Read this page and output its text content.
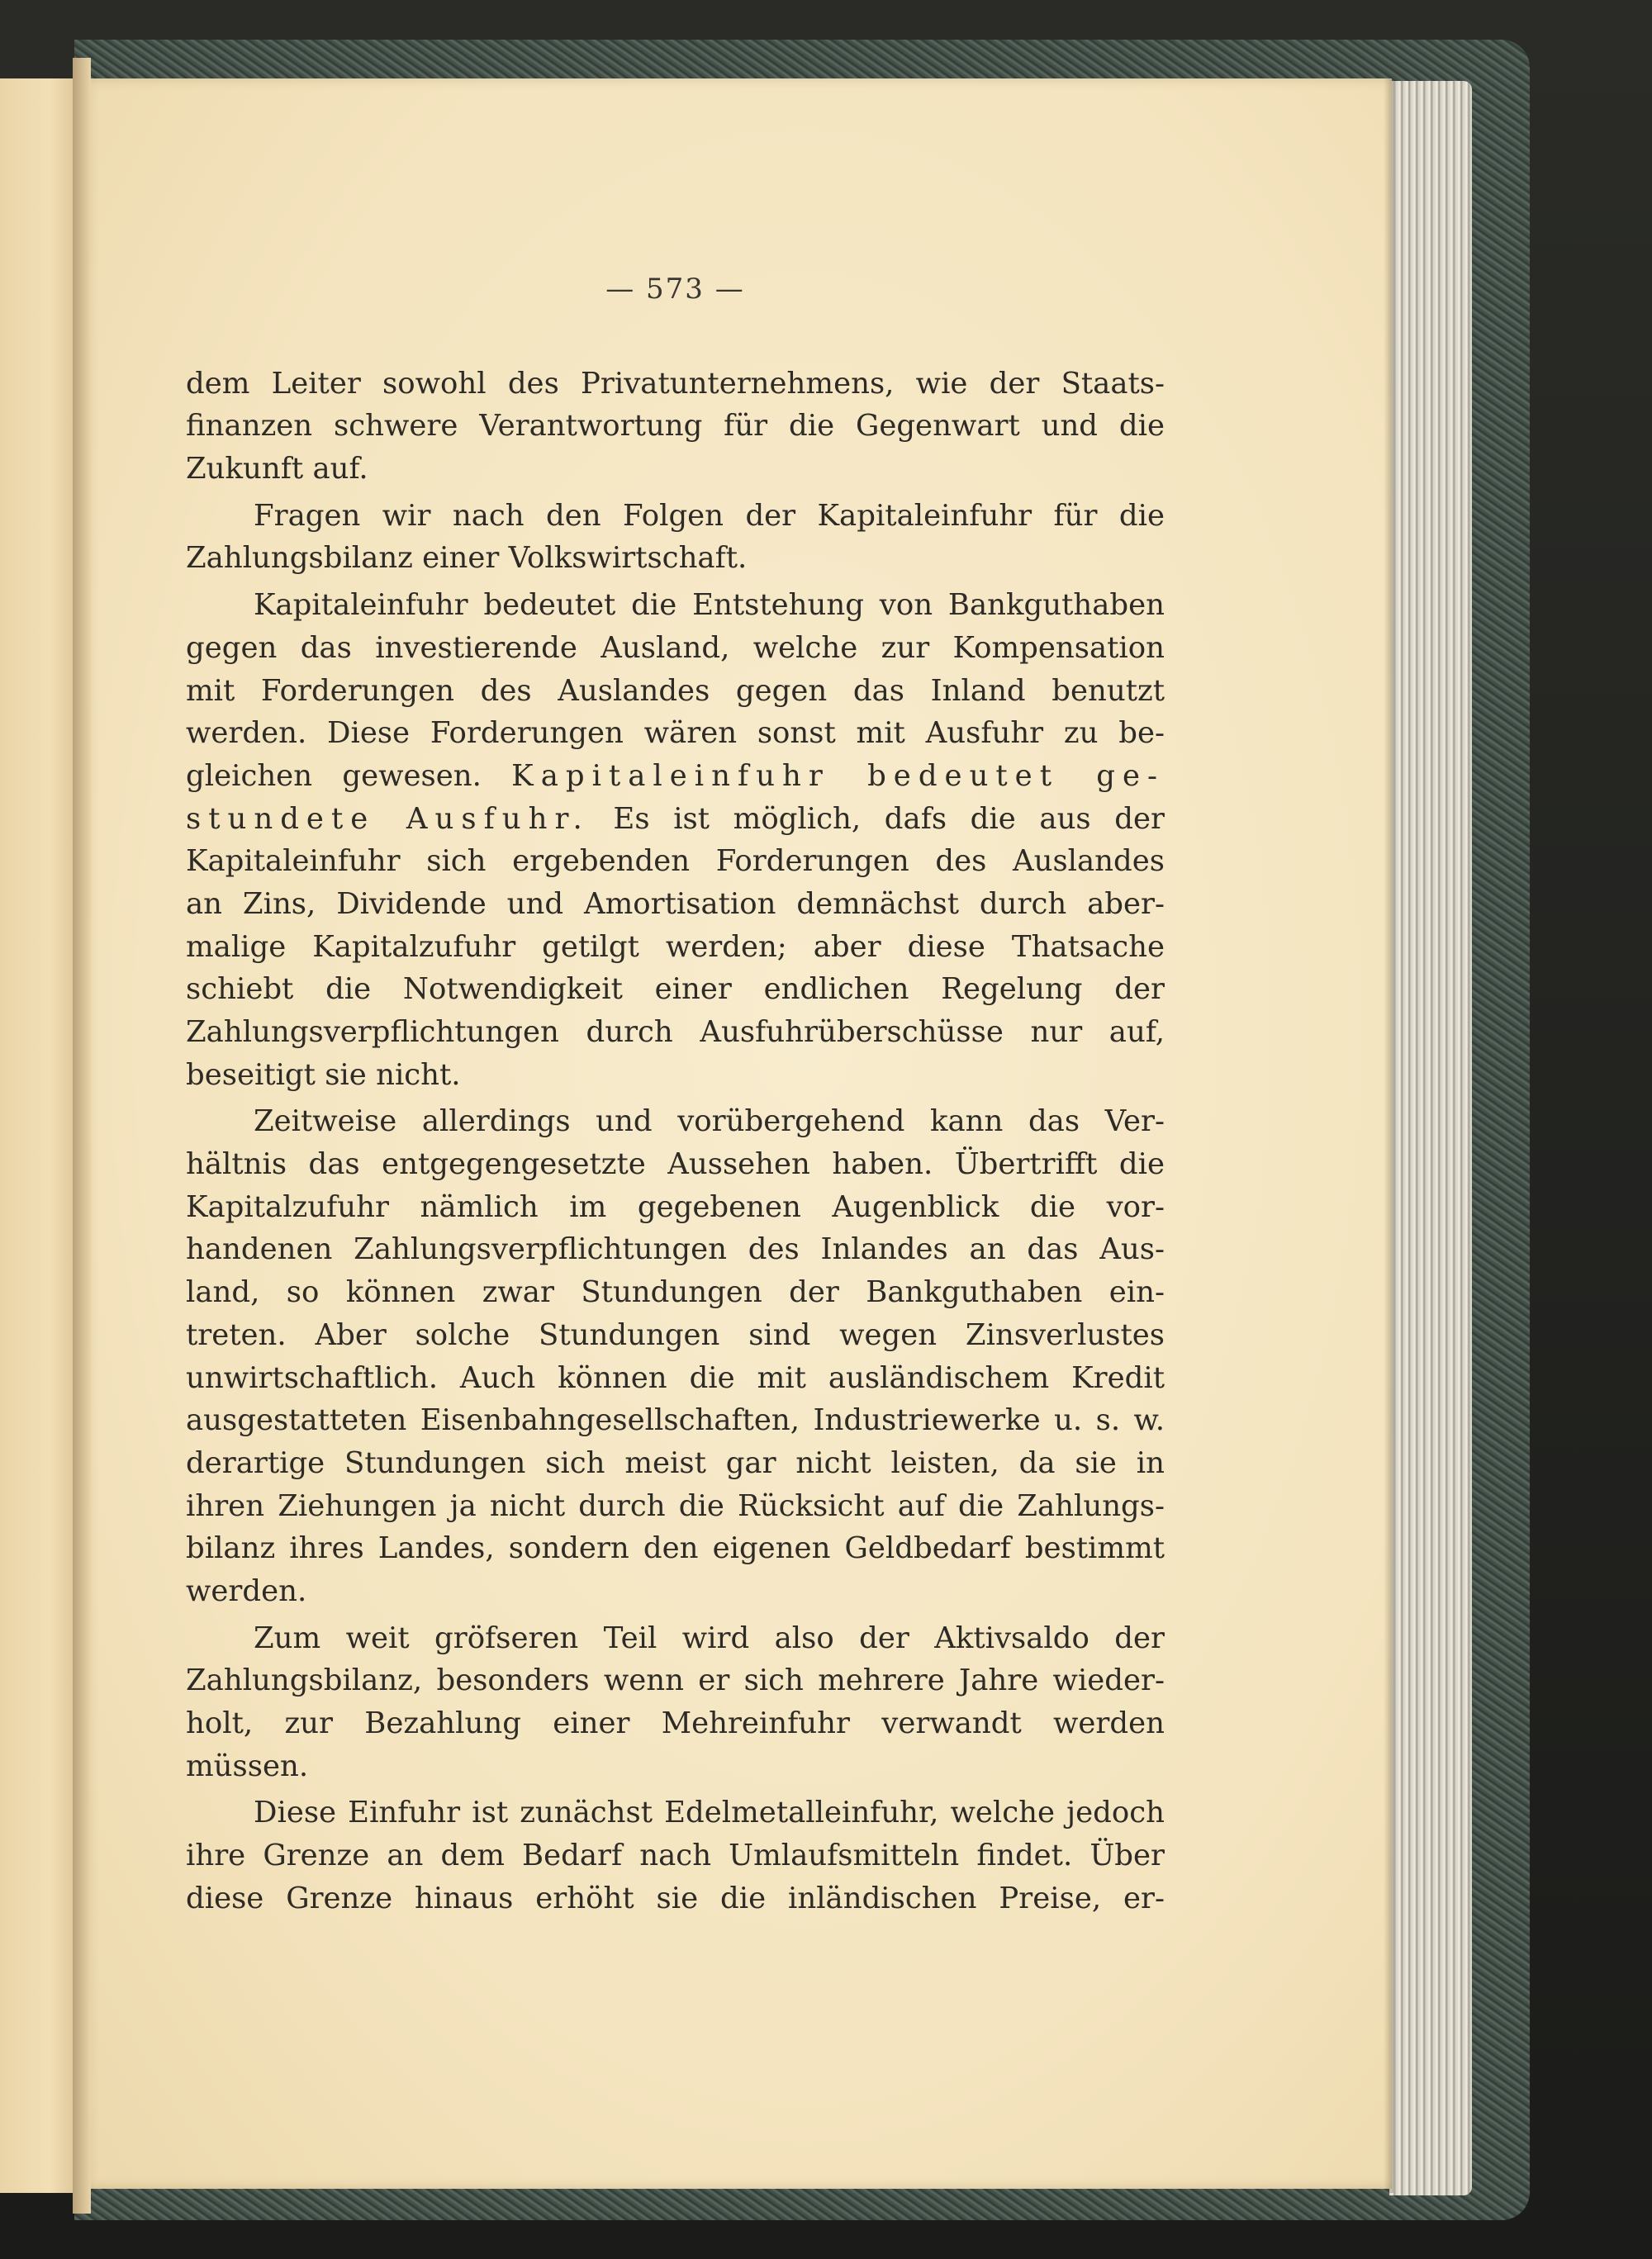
— 573 —
dem Leiter sowohl des Privatunternehmens, wie der Staats-
finanzen schwere Verantwortung für die Gegenwart und die
Zukunft auf.
Fragen wir nach den Folgen der Kapitaleinfuhr für die
Zahlungsbilanz einer Volkswirtschaft.
Kapitaleinfuhr bedeutet die Entstehung von Bankguthaben
gegen das investierende Ausland, welche zur Kompensation
mit Forderungen des Auslandes gegen das Inland benutzt
werden. Diese Forderungen wären sonst mit Ausfuhr zu be-
gleichen gewesen. Kapitaleinfuhr bedeutet ge-
stundete Ausfuhr. Es ist möglich, dafs die aus der
Kapitaleinfuhr sich ergebenden Forderungen des Auslandes
an Zins, Dividende und Amortisation demnächst durch aber-
malige Kapitalzufuhr getilgt werden; aber diese Thatsache
schiebt die Notwendigkeit einer endlichen Regelung der
Zahlungsverpflichtungen durch Ausfuhrüberschüsse nur auf,
beseitigt sie nicht.
Zeitweise allerdings und vorübergehend kann das Ver-
hältnis das entgegengesetzte Aussehen haben. Übertrifft die
Kapitalzufuhr nämlich im gegebenen Augenblick die vor-
handenen Zahlungsverpflichtungen des Inlandes an das Aus-
land, so können zwar Stundungen der Bankguthaben ein-
treten. Aber solche Stundungen sind wegen Zinsverlustes
unwirtschaftlich. Auch können die mit ausländischem Kredit
ausgestatteten Eisenbahngesellschaften, Industriewerke u. s. w.
derartige Stundungen sich meist gar nicht leisten, da sie in
ihren Ziehungen ja nicht durch die Rücksicht auf die Zahlungs-
bilanz ihres Landes, sondern den eigenen Geldbedarf bestimmt
werden.
Zum weit gröfseren Teil wird also der Aktivsaldo der
Zahlungsbilanz, besonders wenn er sich mehrere Jahre wieder-
holt, zur Bezahlung einer Mehreinfuhr verwandt werden
müssen.
Diese Einfuhr ist zunächst Edelmetalleinfuhr, welche jedoch
ihre Grenze an dem Bedarf nach Umlaufsmitteln findet. Über
diese Grenze hinaus erhöht sie die inländischen Preise, er-
